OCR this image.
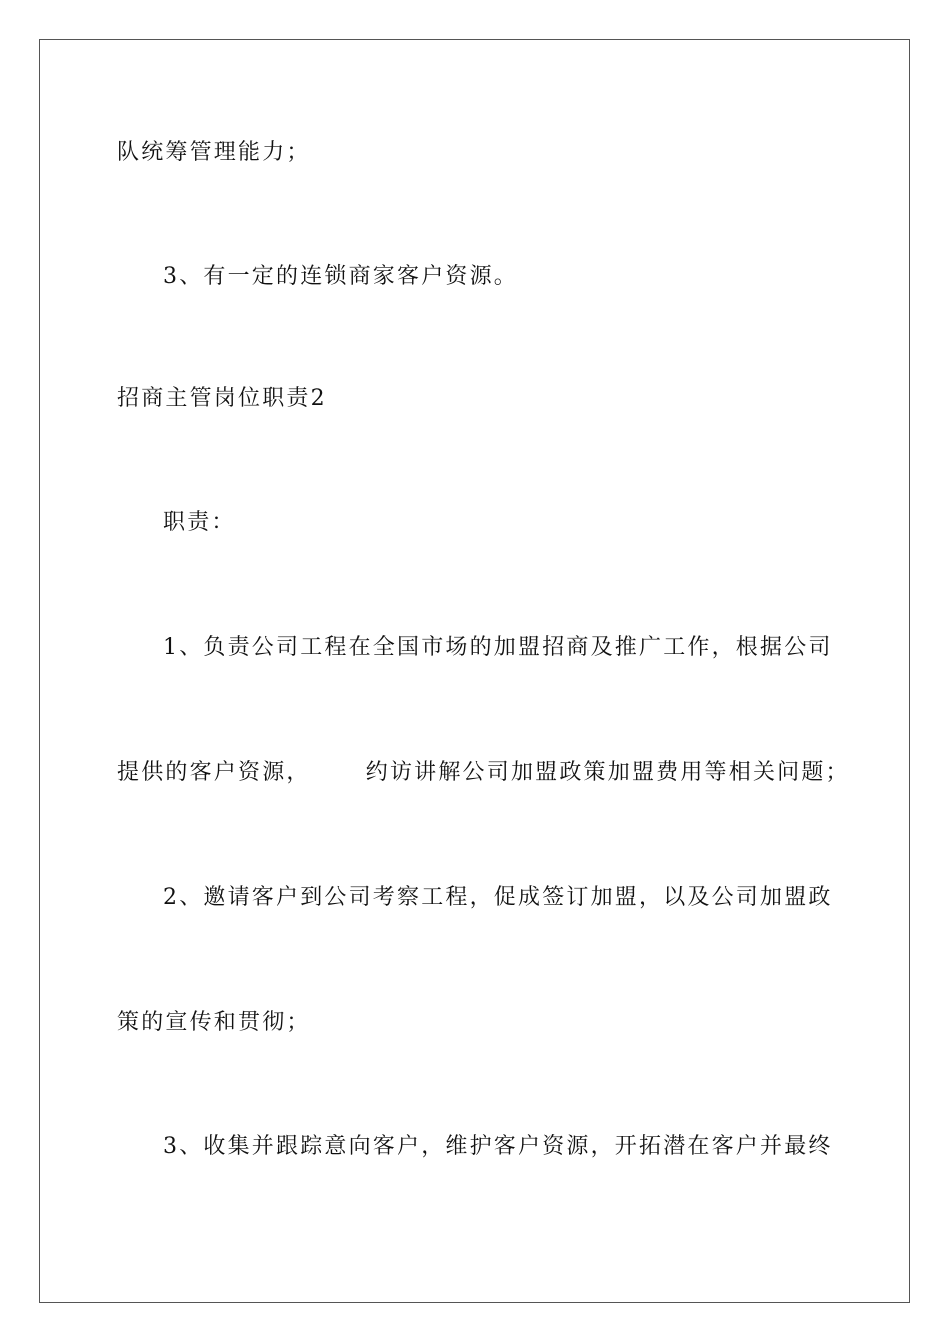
队统筹管理能力；
3、有一定的连锁商家客户资源。
招商主管岗位职责2
职责：
1、负责公司工程在全国市场的加盟招商及推广工作，根据公司
提供的客户资源，      约访讲解公司加盟政策加盟费用等相关问题；
2、邀请客户到公司考察工程，促成签订加盟，以及公司加盟政
策的宣传和贯彻；
3、收集并跟踪意向客户，维护客户资源，开拓潜在客户并最终
